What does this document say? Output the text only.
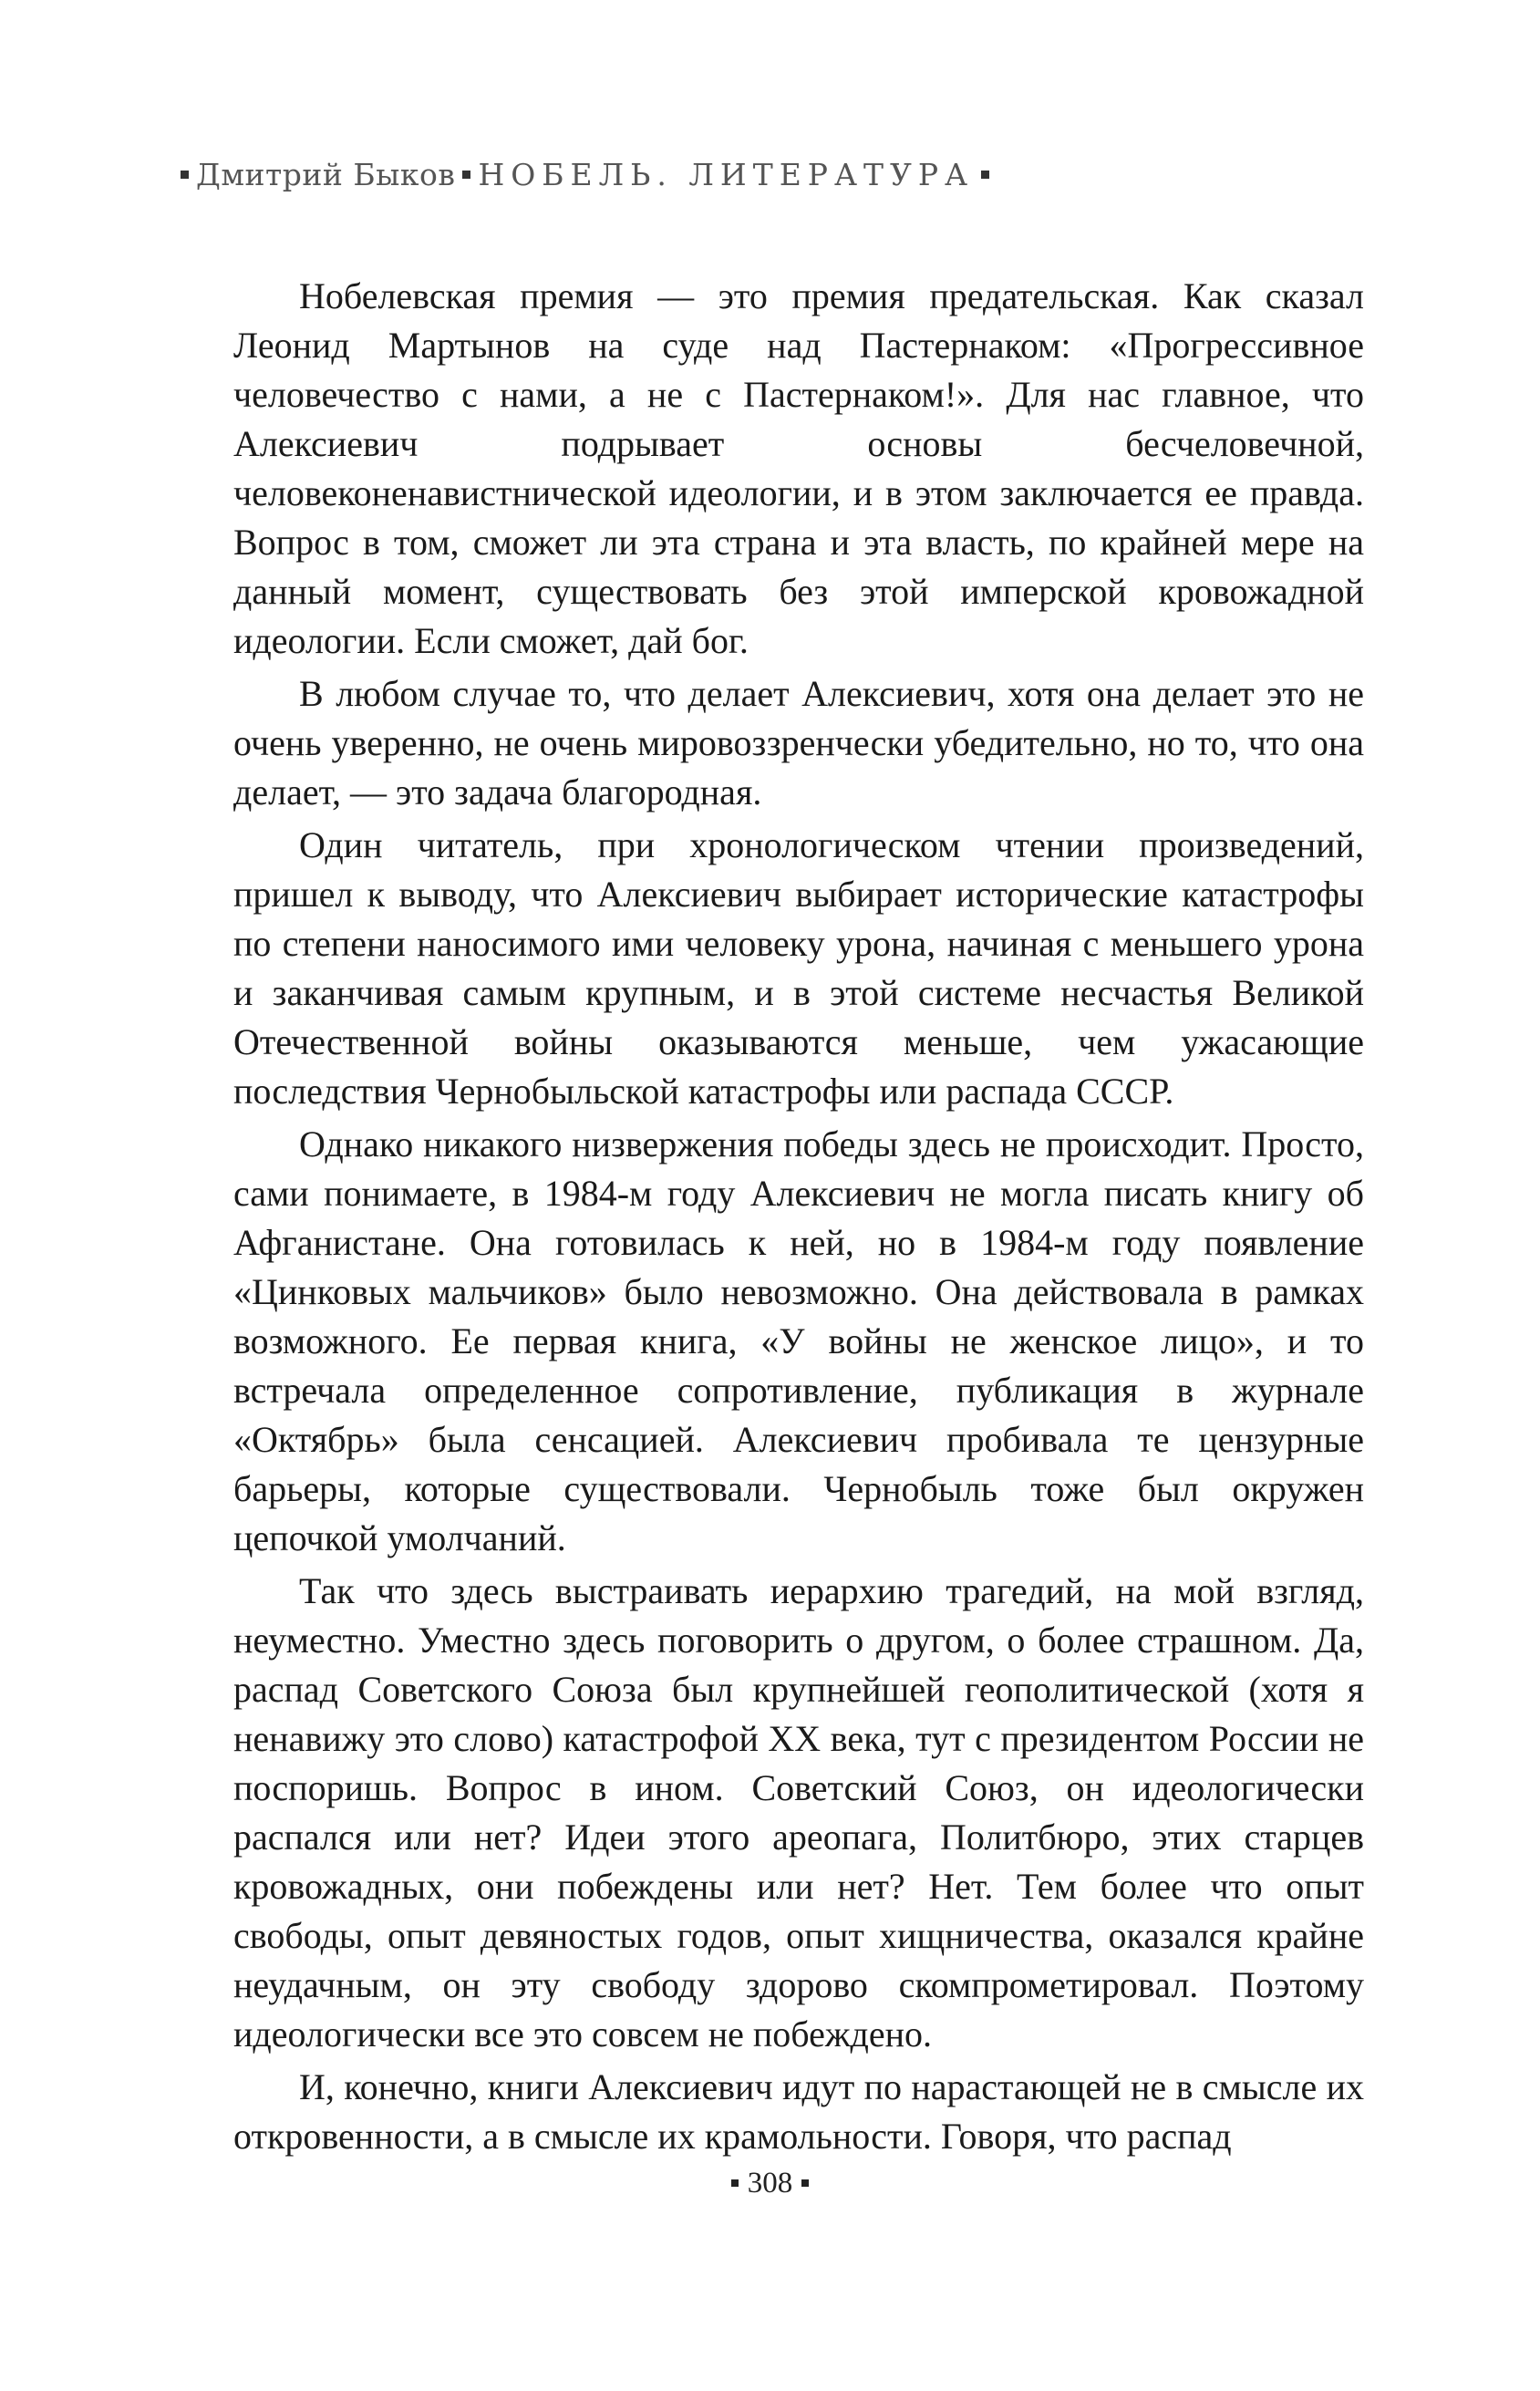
Дмитрий Быков НОБЕЛЬ. ЛИТЕРАТУРА

Нобелевская премия — это премия предательская. Как сказал Леонид Мартынов на суде над Пастернаком: «Прогрессивное человечество с нами, а не с Пастернаком!». Для нас главное, что Алексиевич подрывает основы бесчеловечной, человеконенавистнической идеологии, и в этом заключается ее правда. Вопрос в том, сможет ли эта страна и эта власть, по крайней мере на данный момент, существовать без этой имперской кровожадной идеологии. Если сможет, дай бог.

В любом случае то, что делает Алексиевич, хотя она делает это не очень уверенно, не очень мировоззренчески убедительно, но то, что она делает, — это задача благородная.

Один читатель, при хронологическом чтении произведений, пришел к выводу, что Алексиевич выбирает исторические катастрофы по степени наносимого ими человеку урона, начиная с меньшего урона и заканчивая самым крупным, и в этой системе несчастья Великой Отечественной войны оказываются меньше, чем ужасающие последствия Чернобыльской катастрофы или распада СССР.

Однако никакого низвержения победы здесь не происходит. Просто, сами понимаете, в 1984-м году Алексиевич не могла писать книгу об Афганистане. Она готовилась к ней, но в 1984-м году появление «Цинковых мальчиков» было невозможно. Она действовала в рамках возможного. Ее первая книга, «У войны не женское лицо», и то встречала определенное сопротивление, публикация в журнале «Октябрь» была сенсацией. Алексиевич пробивала те цензурные барьеры, которые существовали. Чернобыль тоже был окружен цепочкой умолчаний.

Так что здесь выстраивать иерархию трагедий, на мой взгляд, неуместно. Уместно здесь поговорить о другом, о более страшном. Да, распад Советского Союза был крупнейшей геополитической (хотя я ненавижу это слово) катастрофой XX века, тут с президентом России не поспоришь. Вопрос в ином. Советский Союз, он идеологически распался или нет? Идеи этого ареопага, Политбюро, этих старцев кровожадных, они побеждены или нет? Нет. Тем более что опыт свободы, опыт девяностых годов, опыт хищничества, оказался крайне неудачным, он эту свободу здорово скомпрометировал. Поэтому идеологически все это совсем не побеждено.

И, конечно, книги Алексиевич идут по нарастающей не в смысле их откровенности, а в смысле их крамольности. Говоря, что распад

308
